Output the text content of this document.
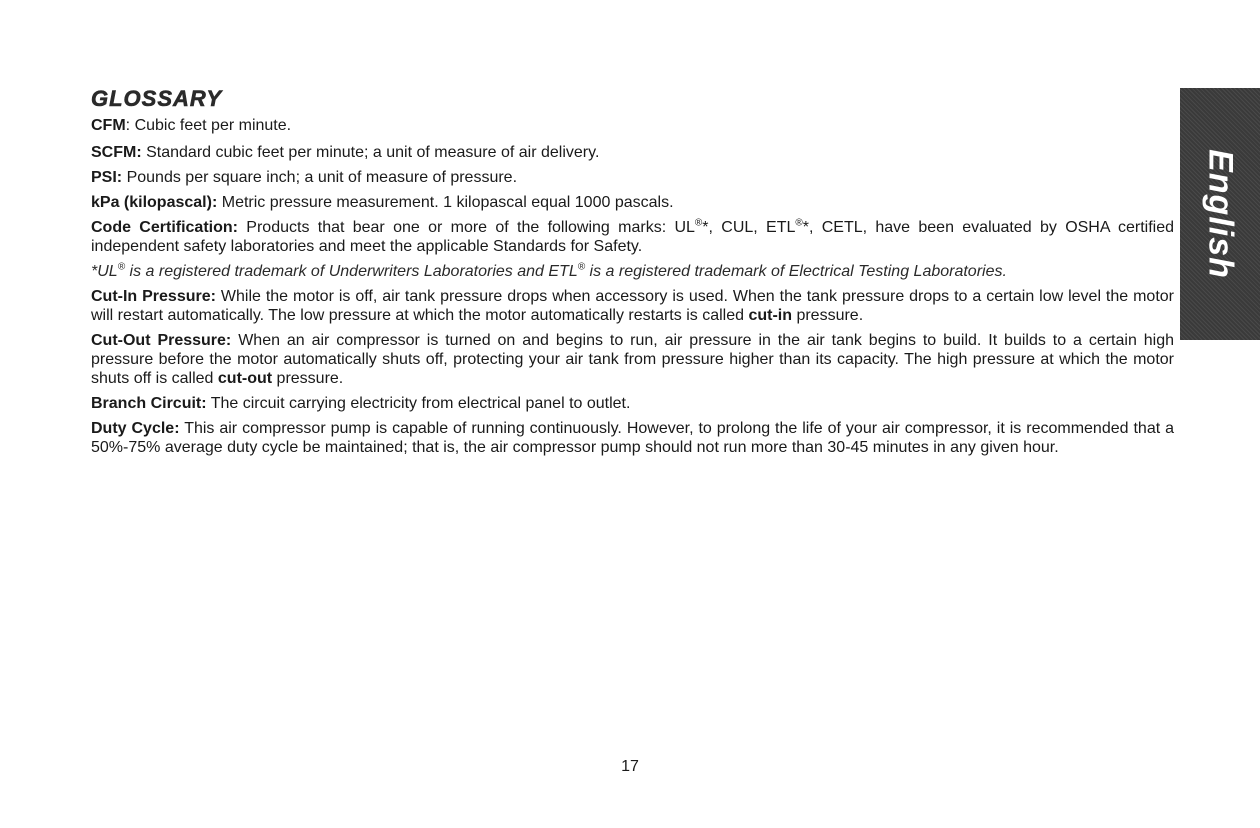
GLOSSARY

CFM: Cubic feet per minute.

SCFM: Standard cubic feet per minute; a unit of measure of air delivery.

PSI: Pounds per square inch; a unit of measure of pressure.

kPa (kilopascal): Metric pressure measurement. 1 kilopascal equal 1000 pascals.

Code Certification: Products that bear one or more of the following marks: UL®*, CUL, ETL®*, CETL, have been evaluated by OSHA certified independent safety laboratories and meet the applicable Standards for Safety.

*UL® is a registered trademark of Underwriters Laboratories and ETL® is a registered trademark of Electrical Testing Laboratories.

Cut-In Pressure: While the motor is off, air tank pressure drops when accessory is used. When the tank pressure drops to a certain low level the motor will restart automatically. The low pressure at which the motor automatically restarts is called cut-in pressure.

Cut-Out Pressure: When an air compressor is turned on and begins to run, air pressure in the air tank begins to build. It builds to a certain high pressure before the motor automatically shuts off, protecting your air tank from pressure higher than its capacity. The high pressure at which the motor shuts off is called cut-out pressure.

Branch Circuit: The circuit carrying electricity from electrical panel to outlet.

Duty Cycle: This air compressor pump is capable of running continuously. However, to prolong the life of your air compressor, it is recommended that a 50%-75% average duty cycle be maintained; that is, the air compressor pump should not run more than 30-45 minutes in any given hour.

English
17
